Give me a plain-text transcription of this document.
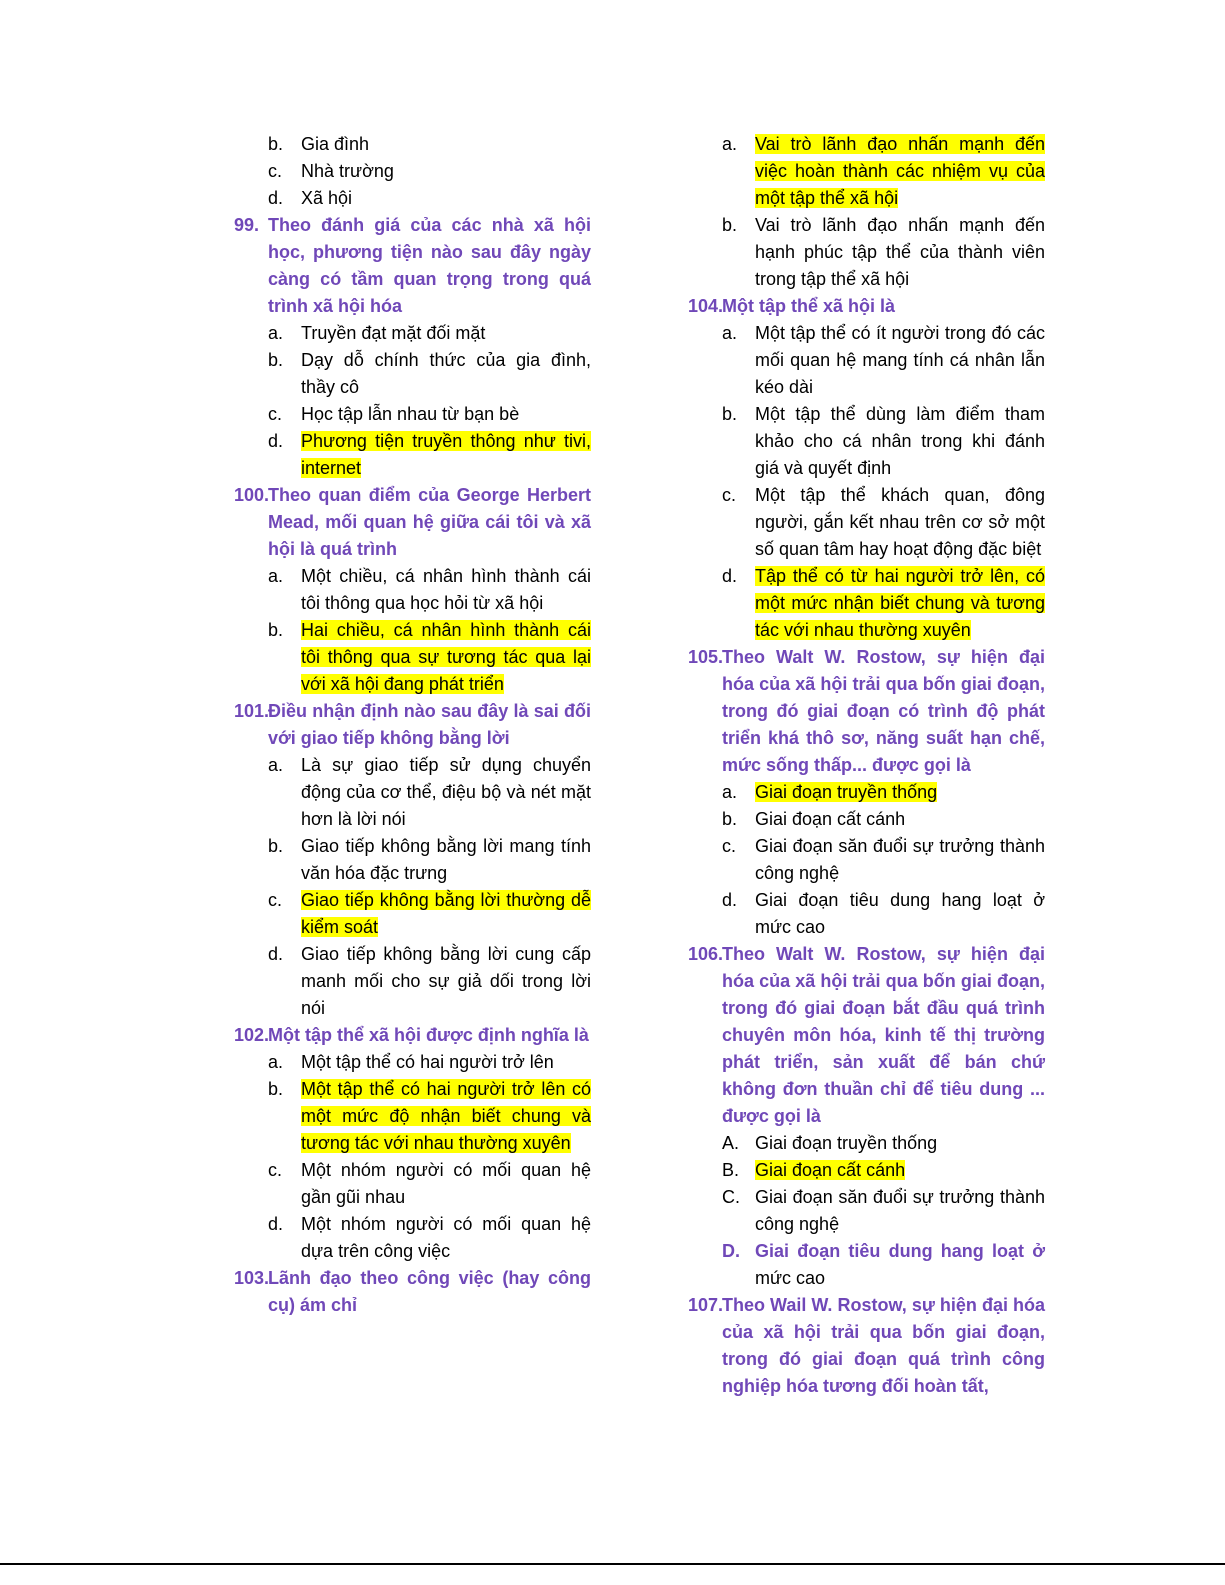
b. Gia đình
c. Nhà trường
d. Xã hội
99. Theo đánh giá của các nhà xã hội học, phương tiện nào sau đây ngày càng có tầm quan trọng trong quá trình xã hội hóa
a. Truyền đạt mặt đối mặt
b. Dạy dỗ chính thức của gia đình, thầy cô
c. Học tập lẫn nhau từ bạn bè
d. Phương tiện truyền thông như tivi, internet
100.
Theo quan điểm của George Herbert Mead, mối quan hệ giữa cái tôi và xã hội là quá trình
a. Một chiều, cá nhân hình thành cái tôi thông qua học hỏi từ xã hội
b. Hai chiều, cá nhân hình thành cái tôi thông qua sự tương tác qua lại với xã hội đang phát triển
101.
Điều nhận định nào sau đây là sai đối với giao tiếp không bằng lời
a. Là sự giao tiếp sử dụng chuyển động của cơ thể, điệu bộ và nét mặt hơn là lời nói
b. Giao tiếp không bằng lời mang tính văn hóa đặc trưng
c. Giao tiếp không bằng lời thường dễ kiểm soát
d. Giao tiếp không bằng lời cung cấp manh mối cho sự giả dối trong lời nói
102.
Một tập thể xã hội được định nghĩa là
a. Một tập thể có hai người trở lên
b. Một tập thể có hai người trở lên có một mức độ nhận biết chung và tương tác với nhau thường xuyên
c. Một nhóm người có mối quan hệ gần gũi nhau
d. Một nhóm người có mối quan hệ dựa trên công việc
103.
Lãnh đạo theo công việc (hay công cụ) ám chỉ
a. Vai trò lãnh đạo nhấn mạnh đến việc hoàn thành các nhiệm vụ của một tập thể xã hội
b. Vai trò lãnh đạo nhấn mạnh đến hạnh phúc tập thể của thành viên trong tập thể xã hội
104.
Một tập thể xã hội là
a. Một tập thể có ít người trong đó các mối quan hệ mang tính cá nhân lẫn kéo dài
b. Một tập thể dùng làm điểm tham khảo cho cá nhân trong khi đánh giá và quyết định
c. Một tập thể khách quan, đông người, gắn kết nhau trên cơ sở một số quan tâm hay hoạt động đặc biệt
d. Tập thể có từ hai người trở lên, có một mức nhận biết chung và tương tác với nhau thường xuyên
105.
Theo Walt W. Rostow, sự hiện đại hóa của xã hội trải qua bốn giai đoạn, trong đó giai đoạn có trình độ phát triển khá thô sơ, năng suất hạn chế, mức sống thấp... được gọi là
a. Giai đoạn truyền thống
b. Giai đoạn cất cánh
c. Giai đoạn săn đuổi sự trưởng thành công nghệ
d. Giai đoạn tiêu dung hang loạt ở mức cao
106.
Theo Walt W. Rostow, sự hiện đại hóa của xã hội trải qua bốn giai đoạn, trong đó giai đoạn bắt đầu quá trình chuyên môn hóa, kinh tế thị trường phát triển, sản xuất để bán chứ không đơn thuần chỉ để tiêu dung ... được gọi là
A. Giai đoạn truyền thống
B. Giai đoạn cất cánh
C. Giai đoạn săn đuổi sự trưởng thành công nghệ
D. Giai đoạn tiêu dung hang loạt ở
mức cao
107.
Theo Wail W. Rostow, sự hiện đại hóa của xã hội trải qua bốn giai đoạn, trong đó giai đoạn quá trình công nghiệp hóa tương đối hoàn tất,
